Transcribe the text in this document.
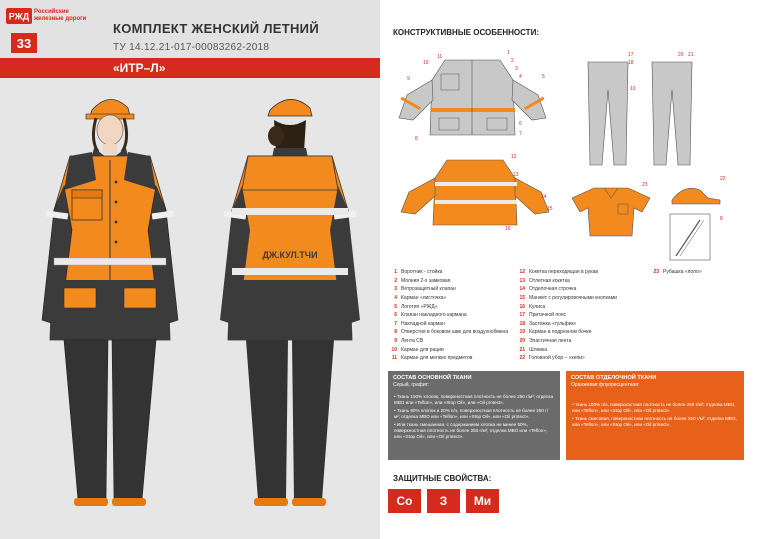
РЖД Российские
железные дороги
33
КОМПЛЕКТ ЖЕНСКИЙ ЛЕТНИЙ
ТУ 14.12.21-017-00083262-2018
«ИТР–Л»
ДЖ.КУЛ.ТЧИ
КОНСТРУКТИВНЫЕ ОСОБЕННОСТИ:
1
2
3
4	5
6
7
8
9
10
11
12
13
14
15
16
17
18
19
20 21
23
22
8
1 Воротник - стойка
2 Молния 2-х замковая
3 Ветрозащитный клапан
4 Карман «листочка»
5 Логотип «РЖД»
6 Клапан накладного кармана
7 Накладной карман
8 Отверстия в боковом шве для воздухообмена
9 Лента СВ
10 Карман для рации
11 Карман для мелких предметов
12 Кокетка переходящая в рукав
13 Отлетная кокетка
14 Отделочная строчка
15 Манжет с регулировочными кнопками
16 Кулиса
17 Притачной пояс
18 Застежка «гульфик»
19 Карман в подрезном бочке
20 Эластичная лента
21 Шлевка
22 Головной убор – «кепи»
23 Рубашка «поло»
СОСТАВ ОСНОВНОЙ ТКАНИ
Серый, графит:
• Ткань 100% хлопок, поверхностная плотность не более 250 г/м²; отделка МВО или «Teflon», или «Stop Oil», или «Oil protect».
• Ткань 80% хлопок и 20% п/э, поверхностная плотность не более 250 г/м²; отделка МВО или «Teflon», или «Stop Oil», или «Oil protect».
• Или ткань смешанная, с содержанием хлопка не менее 50%, поверхностная плотность не более 250 г/м²; отделка МВО или «Teflon», или «Stop Oil», или «Oil protect».
СОСТАВ ОТДЕЛОЧНОЙ ТКАНИ
Оранжевая флуоресцентная:
• Ткань 100% п/э, поверхностная плотность не более 250 г/м²; отделка МВО, или «Teflon», или «Stop Oil», или «Oil protect».
• Ткань смесовая, поверхностная плотность не более 250 г/м²; отделка МВО, или «Teflon», или «Stop Oil», или «Oil protect».
ЗАЩИТНЫЕ СВОЙСТВА:
Со	З	Ми
